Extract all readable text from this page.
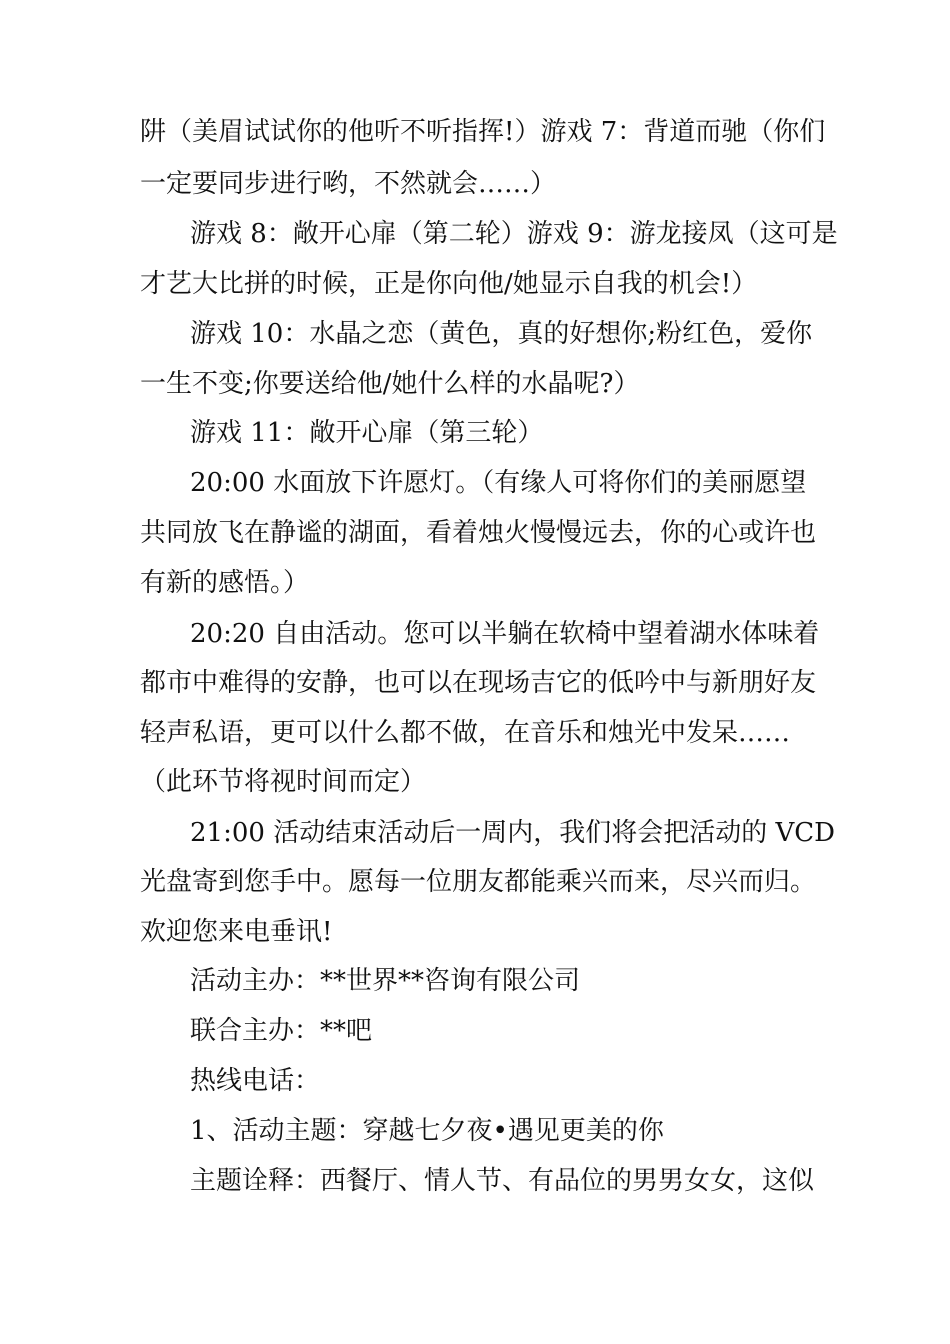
阱（美眉试试你的他听不听指挥!）游戏 7：背道而驰（你们
一定要同步进行哟，不然就会……）
游戏 8：敞开心扉（第二轮）游戏 9：游龙接凤（这可是
才艺大比拼的时候，正是你向他/她显示自我的机会!）
游戏 10：水晶之恋（黄色，真的好想你;粉红色，爱你
一生不变;你要送给他/她什么样的水晶呢?）
游戏 11：敞开心扉（第三轮）
20:00 水面放下许愿灯。（有缘人可将你们的美丽愿望
共同放飞在静谧的湖面，看着烛火慢慢远去，你的心或许也
有新的感悟。）
20:20 自由活动。您可以半躺在软椅中望着湖水体味着
都市中难得的安静，也可以在现场吉它的低吟中与新朋好友
轻声私语，更可以什么都不做，在音乐和烛光中发呆……
（此环节将视时间而定）
21:00 活动结束活动后一周内，我们将会把活动的 VCD
光盘寄到您手中。愿每一位朋友都能乘兴而来，尽兴而归。
欢迎您来电垂讯!
活动主办：**世界**咨询有限公司
联合主办：**吧
热线电话：
1、活动主题：穿越七夕夜•遇见更美的你
主题诠释：西餐厅、情人节、有品位的男男女女，这似
